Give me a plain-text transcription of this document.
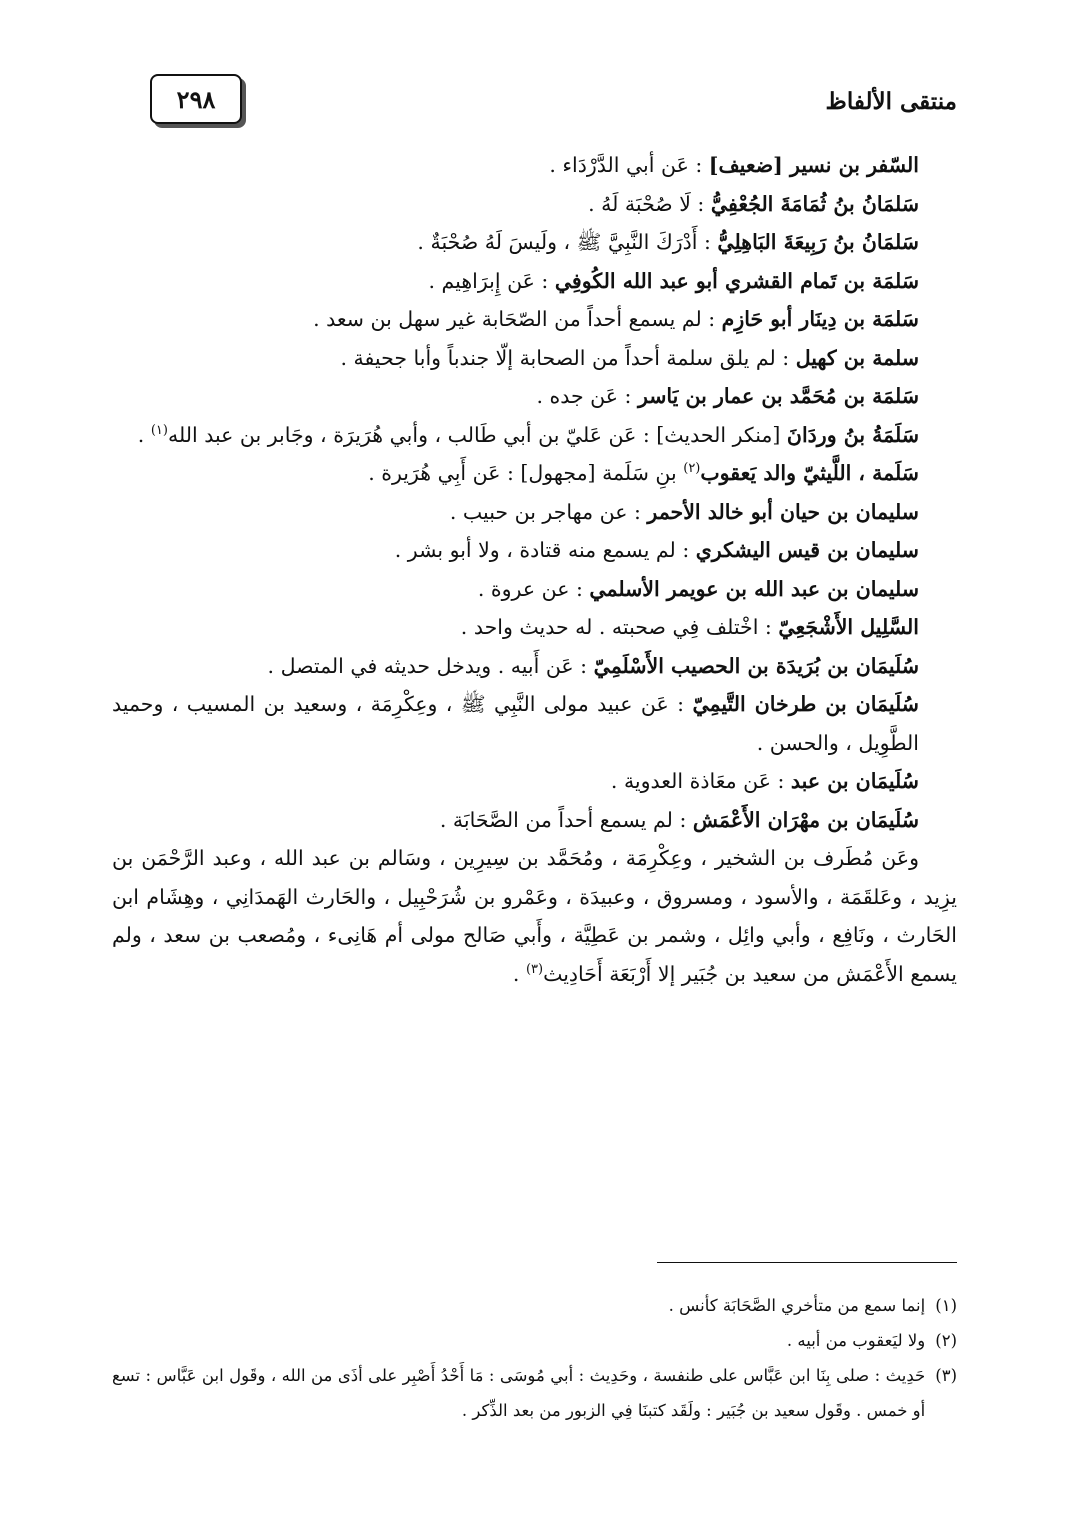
منتقى الألفاظ
٢٩٨

السّفر بن نسير [ضعيف] : عَن أبي الدَّرْدَاء .

سَلمَانُ بنُ ثُمَامَةَ الجُعْفِيُّ : لَا صُحْبَة لَهُ .

سَلمَانُ بنُ رَبِيعَةَ البَاهِلِيُّ : أَدْرَكَ النَّبِيَّ ﷺ ، ولَيسَ لَهُ صُحْبَةٌ .

سَلمَة بن تَمام القشري أبو عبد الله الكُوفِي : عَن إِبرَاهِيم .

سَلمَة بن دِينَار أبو حَازِم : لم يسمع أحداً من الصّحَابة غير سهل بن سعد .

سلمة بن كهيل : لم يلق سلمة أحداً من الصحابة إلّا جندباً وأبا جحيفة .

سَلمَة بن مُحَمَّد بن عمار بن يَاسر : عَن جده .

سَلَمَةُ بنُ وردَانَ [منكر الحديث] : عَن عَليّ بن أبي طَالب ، وأبي هُرَيرَة ، وجَابر بن عبد الله$^{(١)}$ .

سَلَمة ، اللَّيثيّ والد يَعقوب$^{(٢)}$ بنِ سَلَمة [مجهول] : عَن أَبِي هُرَيرة .

سليمان بن حيان أبو خالد الأحمر : عن مهاجر بن حبيب .

سليمان بن قيس اليشكري : لم يسمع منه قتادة ، ولا أبو بشر .

سليمان بن عبد الله بن عويمر الأسلمي : عن عروة .

السَّلِيل الأَشْجَعِيّ : اخْتلف فِي صحبته . له حديث واحد .

سُلَيمَان بن بُرَيدَة بن الحصيب الأَسْلَمِيّ : عَن أَبيه . ويدخل حديثه في المتصل .

سُلَيمَان بن طرخان التَّيمِيّ : عَن عبيد مولى النَّبِي ﷺ ، وعِكْرِمَة ، وسعيد بن المسيب ، وحميد الطَّوِيل ، والحسن .

سُلَيمَان بن عبد : عَن معَاذة العدوية .

سُلَيمَان بن مهْرَان الأَعْمَش : لم يسمع أحداً من الصَّحَابَة .

وعَن مُطَرف بن الشخير ، وعِكْرِمَة ، ومُحَمَّد بن سِيرِين ، وسَالم بن عبد الله ، وعبد الرَّحْمَن بن يزِيد ، وعَلقَمَة ، والأسود ، ومسروق ، وعبيدَة ، وعَمْرو بن شُرَحْبِيل ، والحَارث الهَمدَانِي ، وهِشَام ابن الحَارث ، ونَافِع ، وأبي وائِل ، وشمر بن عَطِيَّة ، وأَبي صَالح مولى أم هَانِىء ، ومُصعب بن سعد ، ولم يسمع الأَعْمَش من سعيد بن جُبَير إلا أَرْبَعَة أَحَادِيث$^{(٣)}$ .

(١)
إنما سمع من متأخري الصَّحَابَة كأنس .

(٢)
ولا ليَعقوب من أبيه .

(٣)
حَدِيث : صلى بِنَا ابن عَبَّاس على طنفسة ، وحَدِيث : أبي مُوسَى : مَا أَحْدُ أَصْبِر على أذَى من الله ، وقَول ابن عَبَّاس : تسع أو خمس . وقَول سعيد بن جُبَير : ولَقَد كتبنَا فِي الزبور من بعد الذِّكر .
